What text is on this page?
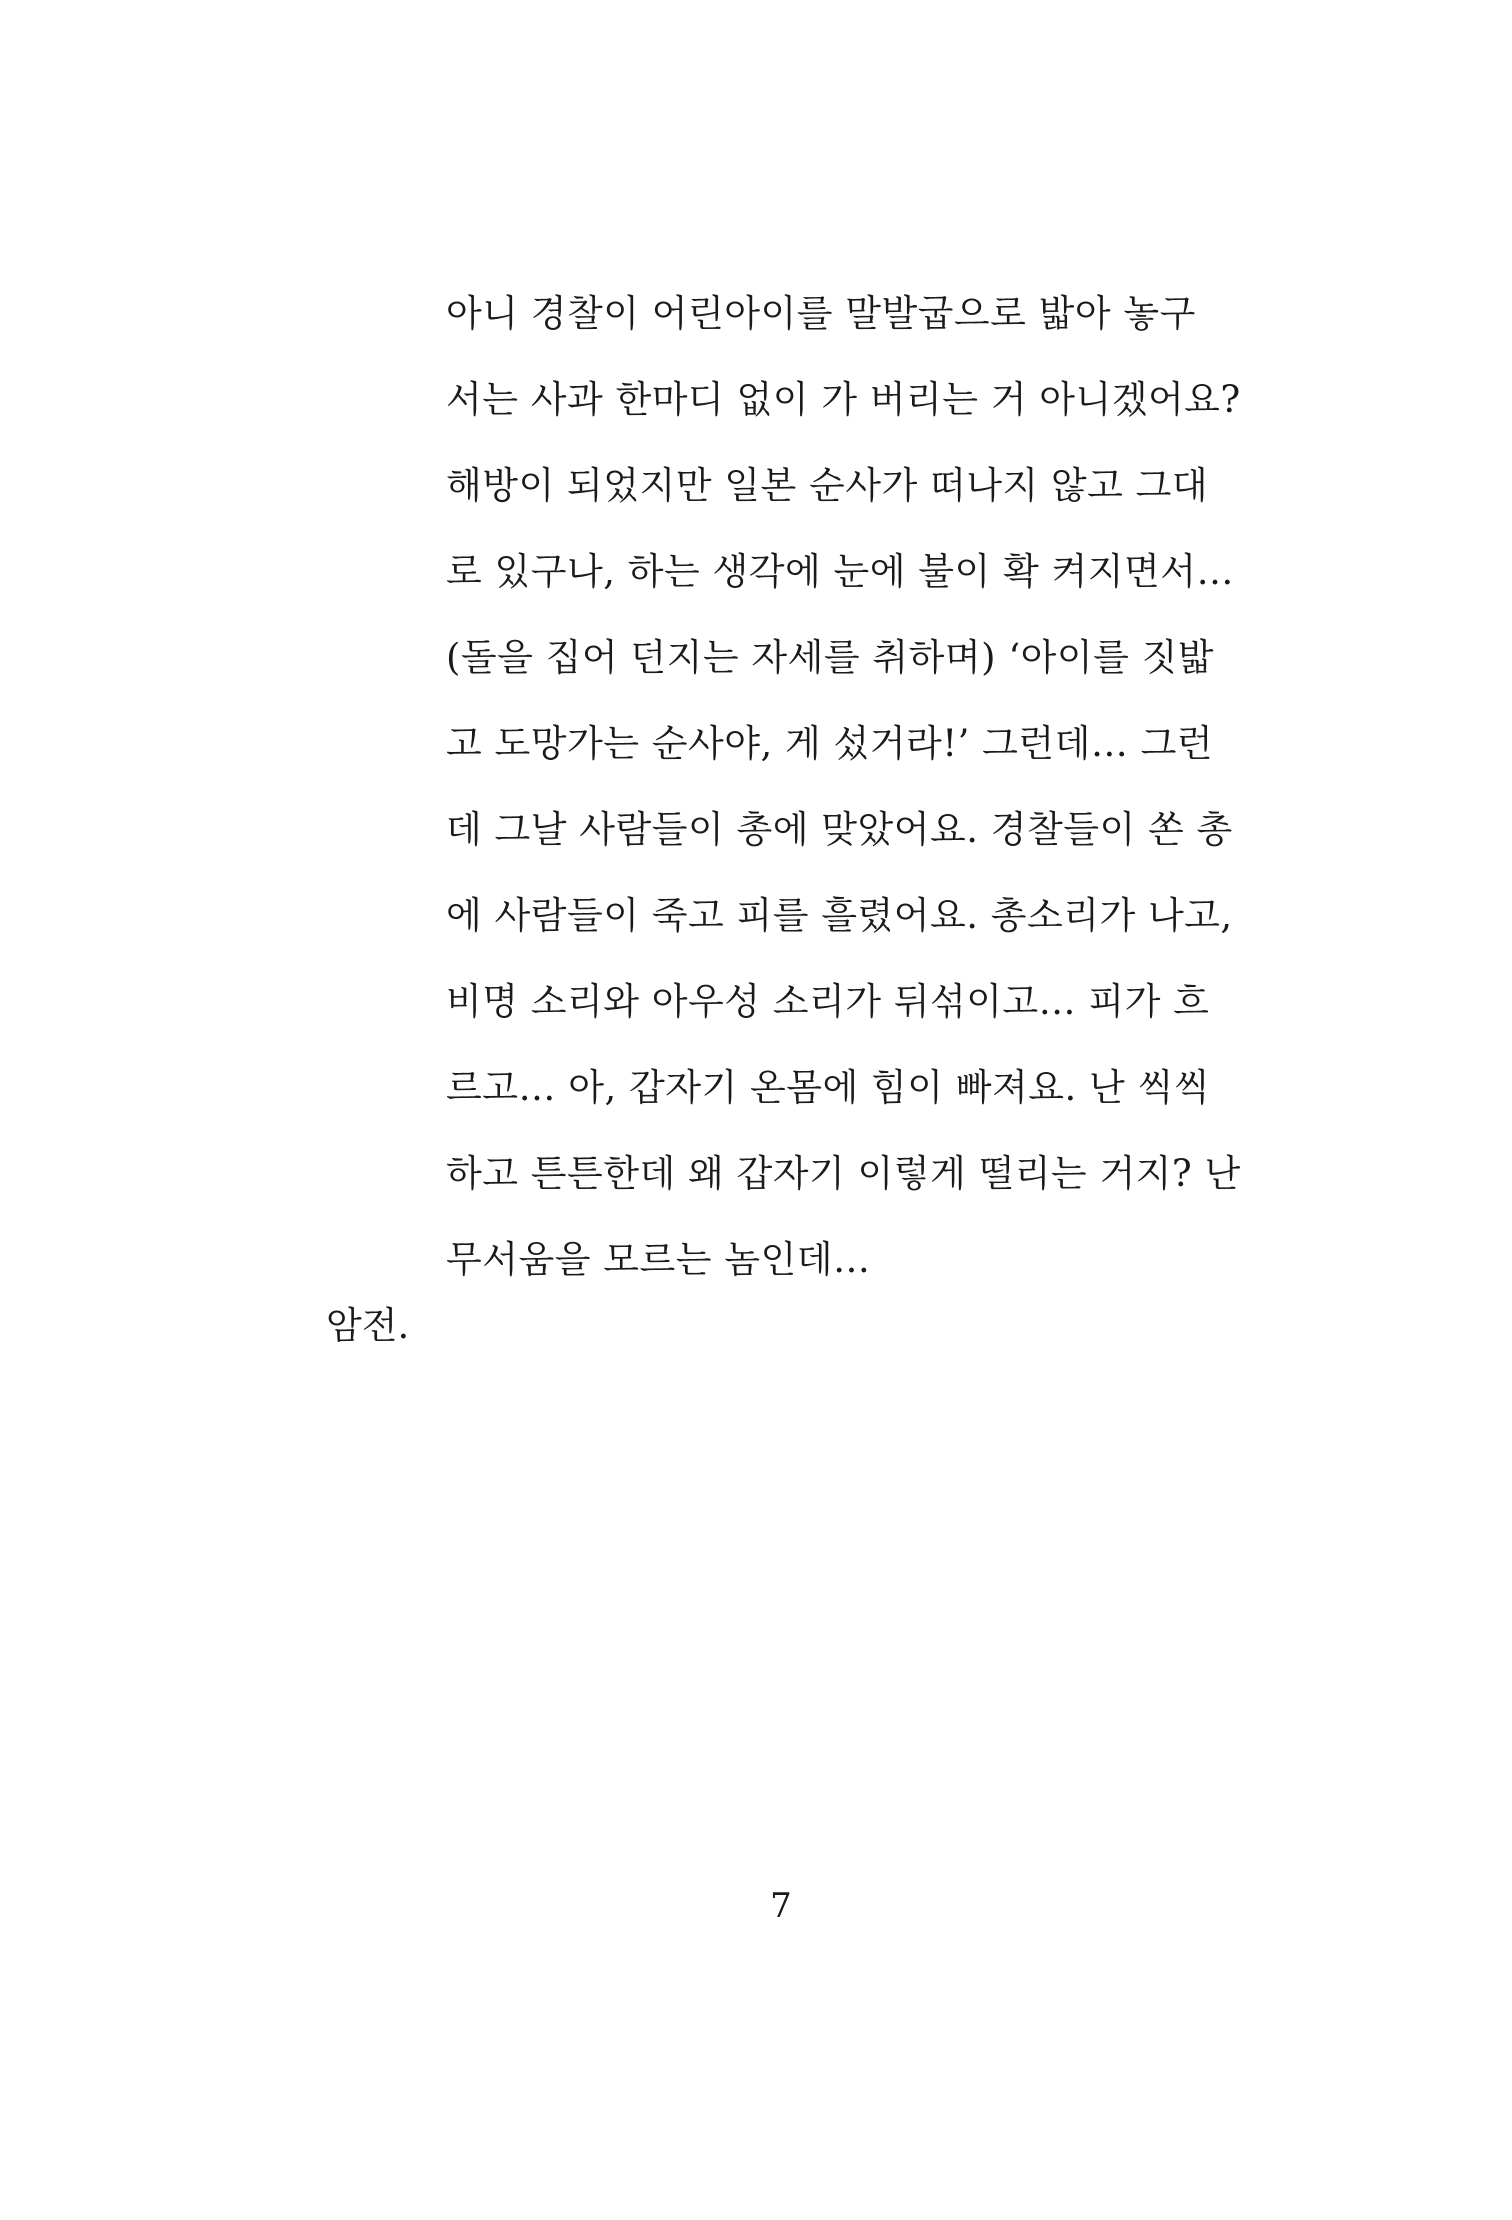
아니 경찰이 어린아이를 말발굽으로 밟아 놓구
서는 사과 한마디 없이 가 버리는 거 아니겠어요?
해방이 되었지만 일본 순사가 떠나지 않고 그대
로 있구나, 하는 생각에 눈에 불이 확 켜지면서…
(돌을 집어 던지는 자세를 취하며) ‘아이를 짓밟
고 도망가는 순사야, 게 섰거라!’ 그런데… 그런
데 그날 사람들이 총에 맞았어요. 경찰들이 쏜 총
에 사람들이 죽고 피를 흘렸어요. 총소리가 나고,
비명 소리와 아우성 소리가 뒤섞이고… 피가 흐
르고… 아, 갑자기 온몸에 힘이 빠져요. 난 씩씩
하고 튼튼한데 왜 갑자기 이렇게 떨리는 거지? 난
무서움을 모르는 놈인데…
암전.
7
